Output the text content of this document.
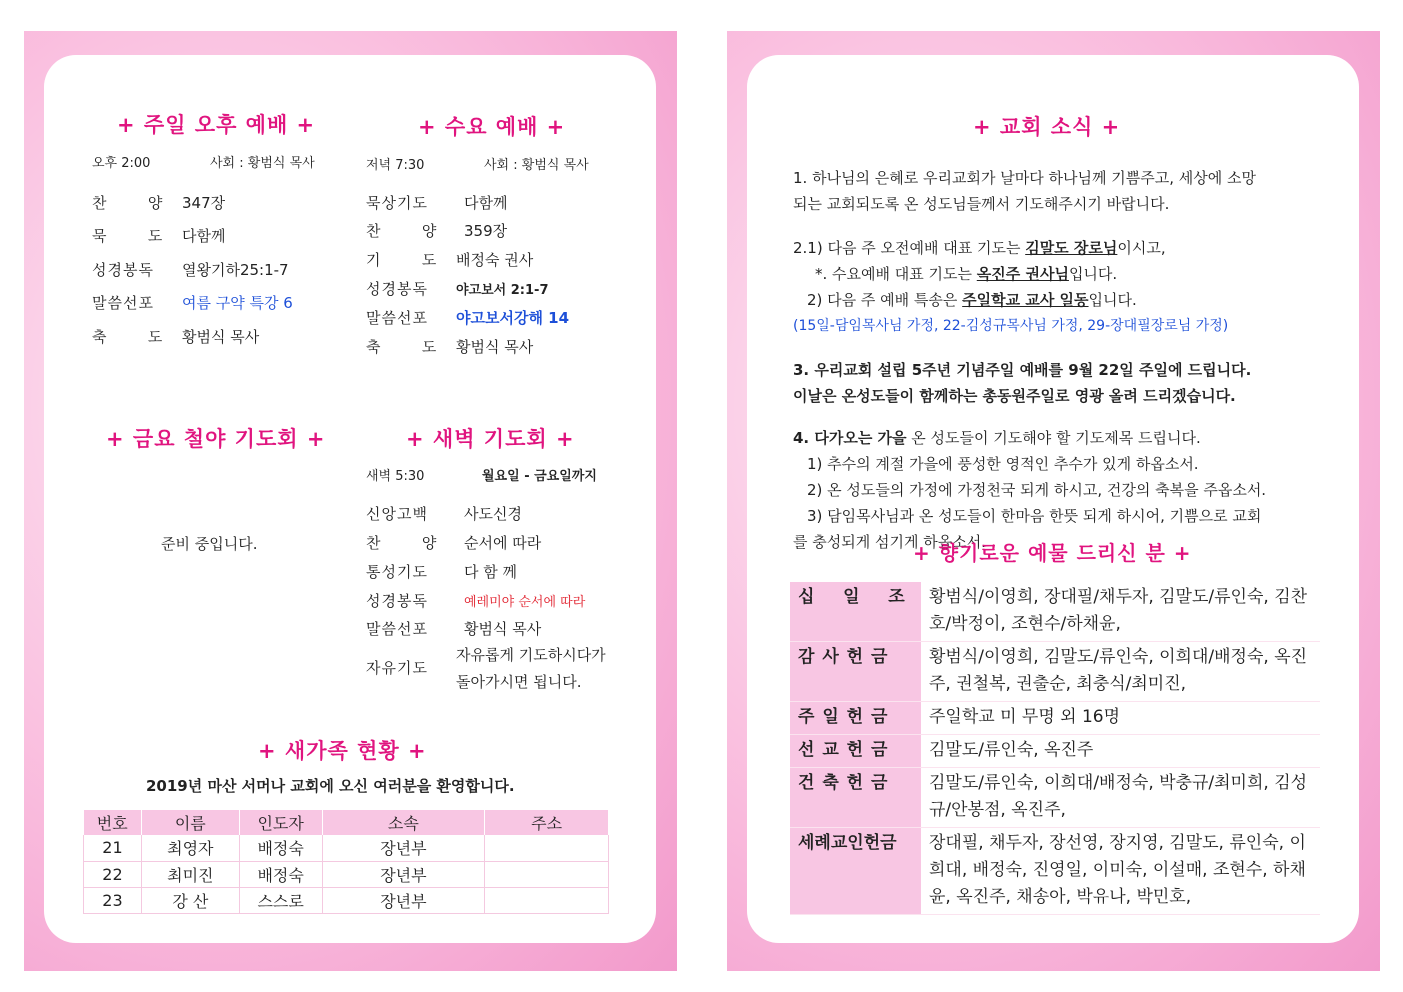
+ 주일 오후 예배 +
오후 2:00	사회 : 황범식 목사
찬       양 347장
묵       도 다함께
성경봉독 열왕기하25:1-7
말씀선포 여름 구약 특강 6
축       도 황범식 목사
+ 수요 예배 +
저녁 7:30	사회 : 황범식 목사
묵상기도 다함께
찬       양 359장
기       도 배정숙 권사
성경봉독 야고보서 2:1-7
말씀선포 야고보서강해 14
축       도 황범식 목사
+ 금요 철야 기도회 +
준비 중입니다.
+ 새벽 기도회 +
새벽 5:30	월요일 - 금요일까지
신앙고백 사도신경
찬       양 순서에 따라
통성기도 다 함 께
성경봉독	예레미야 순서에 따라
말씀선포 황범식 목사
자유기도
자유롭게 기도하시다가
돌아가시면 됩니다.
+ 새가족 현황 +
2019년 마산 서머나 교회에 오신 여러분을 환영합니다.
번호	이름	인도자	소속	주소
21	최영자	배정숙	장년부	
22	최미진	배정숙	장년부	
23	강 산	스스로	장년부	
+ 교회 소식 +
1. 하나님의 은혜로 우리교회가 날마다 하나님께 기쁨주고, 세상에 소망
되는 교회되도록 온 성도님들께서 기도해주시기 바랍니다.
2.1) 다음 주 오전예배 대표 기도는 김말도 장로님이시고,
*. 수요예배 대표 기도는 옥진주 권사님입니다.
2) 다음 주 예배 특송은 주일학교 교사 일동입니다.
(15일-담임목사님 가정, 22-김성규목사님 가정, 29-장대필장로님 가정)
3. 우리교회 설립 5주년 기념주일 예배를 9월 22일 주일에 드립니다.
이날은 온성도들이 함께하는 총동원주일로 영광 올려 드리겠습니다.
4. 다가오는 가을 온 성도들이 기도해야 할 기도제목 드립니다.
1) 추수의 계절 가을에 풍성한 영적인 추수가 있게 하옵소서.
2) 온 성도들의 가정에 가정천국 되게 하시고, 건강의 축복을 주옵소서.
3) 담임목사님과 온 성도들이 한마음 한뜻 되게 하시어, 기쁨으로 교회
를 충성되게 섬기게 하옵소서.
+ 향기로운 예물 드리신 분 +
십    일    조	황범식/이영희, 장대필/채두자, 김말도/류인숙, 김찬호/박정이, 조현수/하채윤,
감 사 헌 금	황범식/이영희, 김말도/류인숙, 이희대/배정숙, 옥진주, 권철복, 권출순, 최충식/최미진,
주 일 헌 금	주일학교 미 무명 외 16명
선 교 헌 금	김말도/류인숙, 옥진주
건 축 헌 금	김말도/류인숙, 이희대/배정숙, 박충규/최미희, 김성규/안봉점, 옥진주,
세례교인헌금	장대필, 채두자, 장선영, 장지영, 김말도, 류인숙, 이희대, 배정숙, 진영일, 이미숙, 이설매, 조현수, 하채윤, 옥진주, 채송아, 박유나, 박민호,
